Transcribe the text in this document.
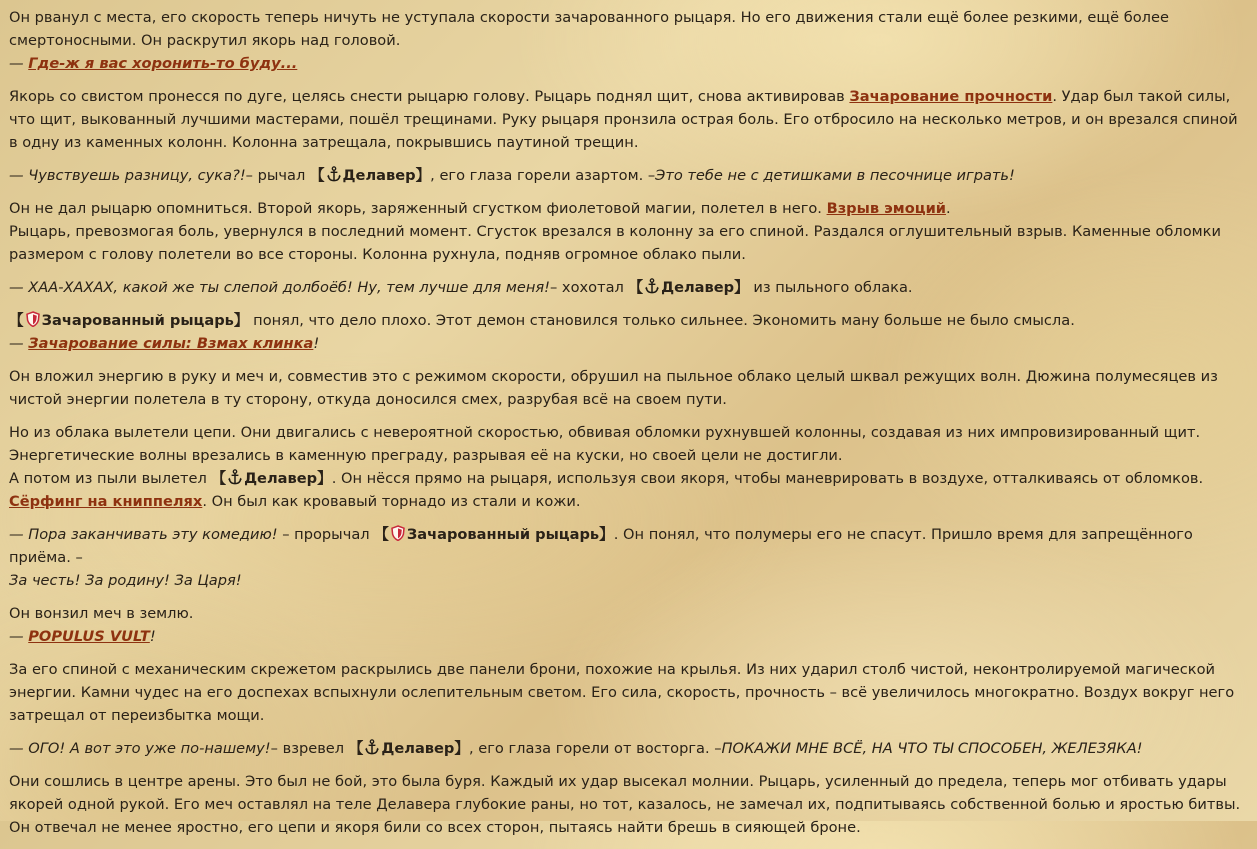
Он рванул с места, его скорость теперь ничуть не уступала скорости зачарованного рыцаря. Но его движения стали ещё более резкими, ещё более смертоносными. Он раскрутил якорь над головой.
— Где-ж я вас хоронить-то буду...

Якорь со свистом пронесся по дуге, целясь снести рыцарю голову. Рыцарь поднял щит, снова активировав Зачарование прочности. Удар был такой силы, что щит, выкованный лучшими мастерами, пошёл трещинами. Руку рыцаря пронзила острая боль. Его отбросило на несколько метров, и он врезался спиной в одну из каменных колонн. Колонна затрещала, покрывшись паутиной трещин.

— Чувствуешь разницу, сука?!– рычал 【 Делавер】, его глаза горели азартом. –Это тебе не с детишками в песочнице играть!

Он не дал рыцарю опомниться. Второй якорь, заряженный сгустком фиолетовой магии, полетел в него. Взрыв эмоций.
Рыцарь, превозмогая боль, увернулся в последний момент. Сгусток врезался в колонну за его спиной. Раздался оглушительный взрыв. Каменные обломки размером с голову полетели во все стороны. Колонна рухнула, подняв огромное облако пыли.

— ХАА-ХАХАХ, какой же ты слепой долбоёб! Ну, тем лучше для меня!– хохотал 【 Делавер】 из пыльного облака.

【 Зачарованный рыцарь】 понял, что дело плохо. Этот демон становился только сильнее. Экономить ману больше не было смысла.
— Зачарование силы: Взмах клинка!

Он вложил энергию в руку и меч и, совместив это с режимом скорости, обрушил на пыльное облако целый шквал режущих волн. Дюжина полумесяцев из чистой энергии полетела в ту сторону, откуда доносился смех, разрубая всё на своем пути.

Но из облака вылетели цепи. Они двигались с невероятной скоростью, обвивая обломки рухнувшей колонны, создавая из них импровизированный щит. Энергетические волны врезались в каменную преграду, разрывая её на куски, но своей цели не достигли.
А потом из пыли вылетел 【 Делавер】. Он нёсся прямо на рыцаря, используя свои якоря, чтобы маневрировать в воздухе, отталкиваясь от обломков.
Сёрфинг на книппелях. Он был как кровавый торнадо из стали и кожи.

— Пора заканчивать эту комедию! – прорычал 【 Зачарованный рыцарь】. Он понял, что полумеры его не спасут. Пришло время для запрещённого приёма. –
За честь! За родину! За Царя!

Он вонзил меч в землю.
— POPULUS VULT!

За его спиной с механическим скрежетом раскрылись две панели брони, похожие на крылья. Из них ударил столб чистой, неконтролируемой магической энергии. Камни чудес на его доспехах вспыхнули ослепительным светом. Его сила, скорость, прочность – всё увеличилось многократно. Воздух вокруг него затрещал от переизбытка мощи.

— ОГО! А вот это уже по-нашему!– взревел 【 Делавер】, его глаза горели от восторга. –ПОКАЖИ МНЕ ВСЁ, НА ЧТО ТЫ СПОСОБЕН, ЖЕЛЕЗЯКА!

Они сошлись в центре арены. Это был не бой, это была буря. Каждый их удар высекал молнии. Рыцарь, усиленный до предела, теперь мог отбивать удары якорей одной рукой. Его меч оставлял на теле Делавера глубокие раны, но тот, казалось, не замечал их, подпитываясь собственной болью и яростью битвы. Он отвечал не менее яростно, его цепи и якоря били со всех сторон, пытаясь найти брешь в сияющей броне.
